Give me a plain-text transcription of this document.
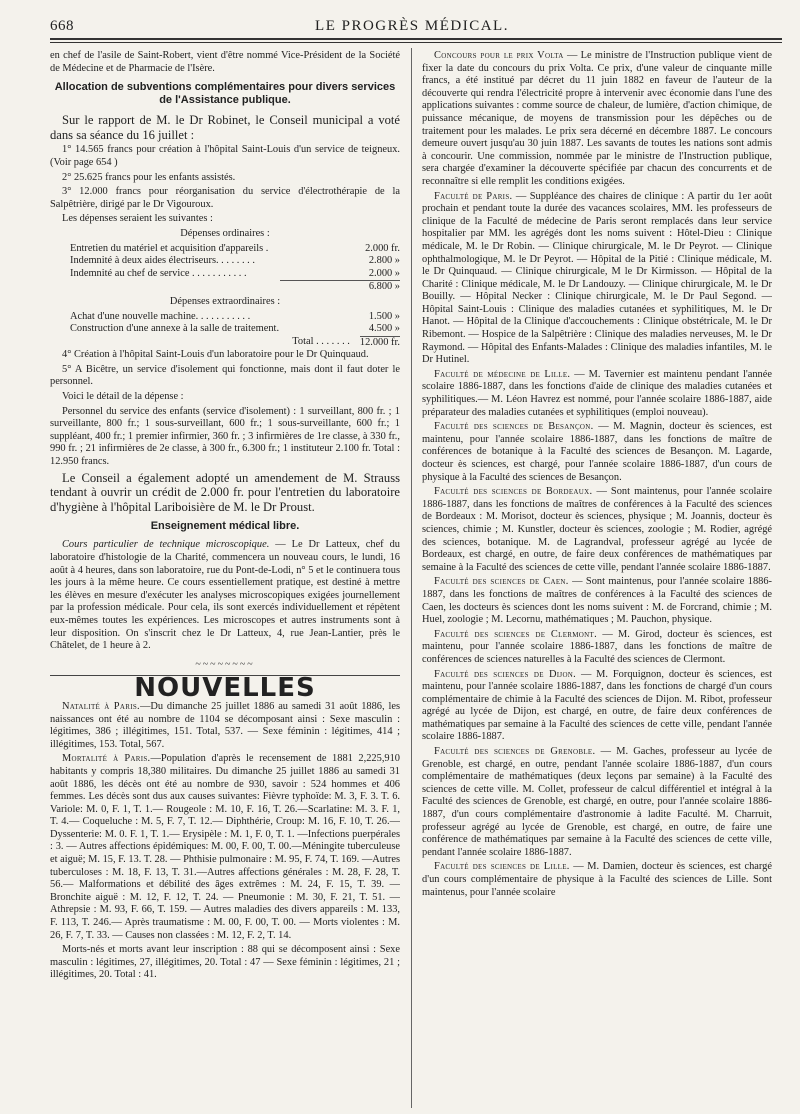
668	LE PROGRÈS MÉDICAL.

en chef de l'asile de Saint-Robert, vient d'être nommé Vice-Président de la Société de Médecine et de Pharmacie de l'Isère.

Allocation de subventions complémentaires pour divers services de l'Assistance publique.

Sur le rapport de M. le Dr Robinet, le Conseil municipal a voté dans sa séance du 16 juillet :

1° 14.565 francs pour création à l'hôpital Saint-Louis d'un service de teigneux. (Voir page 654 )

2° 25.625 francs pour les enfants assistés.

3° 12.000 francs pour réorganisation du service d'électrothérapie de la Salpêtrière, dirigé par le Dr Vigouroux.

Les dépenses seraient les suivantes :

Dépenses ordinaires :
Entretien du matériel et acquisition d'appareils .	2.000 fr.
Indemnité à deux aides électriseurs. . . . . . . .	2.800 »
Indemnité au chef de service . . . . . . . . . . .	2.000 »
6.800 »
Dépenses extraordinaires :
Achat d'une nouvelle machine. . . . . . . . . . .	1.500 »
Construction d'une annexe à la salle de traitement.	4.500 »
Total . . . . . . . 12.000 fr.

4° Création à l'hôpital Saint-Louis d'un laboratoire pour le Dr Quinquaud.

5° A Bicêtre, un service d'isolement qui fonctionne, mais dont il faut doter le personnel.

Voici le détail de la dépense :

Personnel du service des enfants (service d'isolement) : 1 surveillant, 800 fr. ; 1 surveillante, 800 fr.; 1 sous-surveillant, 600 fr.; 1 sous-surveillante, 600 fr.; 1 suppléant, 400 fr.; 1 premier infirmier, 360 fr. ; 3 infirmières de 1re classe, à 330 fr., 990 fr. ; 21 infirmières de 2e classe, à 300 fr., 6.300 fr.; 1 instituteur 2.100 fr. Total : 12.950 francs.

Le Conseil a également adopté un amendement de M. Strauss tendant à ouvrir un crédit de 2.000 fr. pour l'entretien du laboratoire d'hygiène à l'hôpital Lariboisière de M. le Dr Proust.

Enseignement médical libre.

Cours particulier de technique microscopique. — Le Dr Latteux, chef du laboratoire d'histologie de la Charité, commencera un nouveau cours, le lundi, 16 août à 4 heures, dans son laboratoire, rue du Pont-de-Lodi, n° 5 et le continuera tous les jours à la même heure. Ce cours essentiellement pratique, est destiné à mettre les élèves en mesure d'exécuter les analyses microscopiques exigées journellement par la profession médicale. Pour cela, ils sont exercés individuellement et répètent eux-mêmes toutes les expériences. Les microscopes et autres instruments sont à leur disposition. On s'inscrit chez le Dr Latteux, 4, rue Jean-Lantier, près le Châtelet, de 1 heure à 2.

~~~~~~~~
NOUVELLES

Natalité à Paris.—Du dimanche 25 juillet 1886 au samedi 31 août 1886, les naissances ont été au nombre de 1104 se décomposant ainsi : Sexe masculin : légitimes, 386 ; illégitimes, 151. Total, 537. — Sexe féminin : légitimes, 414 ; illégitimes, 153. Total, 567.

Mortalité à Paris.—Population d'après le recensement de 1881 2,225,910 habitants y compris 18,380 militaires. Du dimanche 25 juillet 1886 au samedi 31 août 1886, les décès ont été au nombre de 930, savoir : 524 hommes et 406 femmes. Les décès sont dus aux causes suivantes: Fièvre typhoïde: M. 3, F. 3. T. 6. Variole: M. 0, F. 1, T. 1.— Rougeole : M. 10, F. 16, T. 26.—Scarlatine: M. 3. F. 1, T. 4.— Coqueluche : M. 5, F. 7, T. 12.— Diphthérie, Croup: M. 16, F. 10, T. 26.— Dyssenterie: M. 0. F. 1, T. 1.— Erysipèle : M. 1, F. 0, T. 1. —Infections puerpérales : 3. — Autres affections épidémiques: M. 00, F. 00, T. 00.—Méningite tuberculeuse et aiguë; M. 15, F. 13. T. 28. — Phthisie pulmonaire : M. 95, F. 74, T. 169. —Autres tuberculoses : M. 18, F. 13, T. 31.—Autres affections générales : M. 28, F. 28, T. 56.— Malformations et débilité des âges extrêmes : M. 24, F. 15, T. 39. — Bronchite aiguë : M. 12, F. 12, T. 24. — Pneumonie : M. 30, F. 21, T. 51. — Athrepsie : M. 93, F. 66, T. 159. — Autres maladies des divers appareils : M. 133, F. 113, T. 246.— Après traumatisme : M. 00, F. 00, T. 00. — Morts violentes : M. 26, F. 7, T. 33. — Causes non classées : M. 12, F. 2, T. 14.

Morts-nés et morts avant leur inscription : 88 qui se décomposent ainsi : Sexe masculin : légitimes, 27, illégitimes, 20. Total : 47 — Sexe féminin : légitimes, 21 ; illégitimes, 20. Total : 41.

Concours pour le prix Volta — Le ministre de l'Instruction publique vient de fixer la date du concours du prix Volta. Ce prix, d'une valeur de cinquante mille francs, a été institué par décret du 11 juin 1882 en faveur de l'auteur de la découverte qui rendra l'électricité propre à intervenir avec économie dans l'une des applications suivantes : comme source de chaleur, de lumière, d'action chimique, de puissance mécanique, de moyens de transmission pour les dépêches ou de traitement pour les malades. Le prix sera décerné en décembre 1887. Le concours demeure ouvert jusqu'au 30 juin 1887. Les savants de toutes les nations sont admis à concourir. Une commission, nommée par le ministre de l'Instruction publique, sera chargée d'examiner la découverte spécifiée par chacun des concurrents et de reconnaître si elle remplit les conditions exigées.

Faculté de Paris. — Suppléance des chaires de clinique : A partir du 1er août prochain et pendant toute la durée des vacances scolaires, MM. les professeurs de clinique de la Faculté de médecine de Paris seront remplacés dans leur service hospitalier par MM. les agrégés dont les noms suivent : Hôtel-Dieu : Clinique médicale, M. le Dr Robin. — Clinique chirurgicale, M. le Dr Peyrot. — Clinique ophthalmologique, M. le Dr Peyrot. — Hôpital de la Pitié : Clinique médicale, M. le Dr Quinquaud. — Clinique chirurgicale, M le Dr Kirmisson. — Hôpital de la Charité : Clinique médicale, M. le Dr Landouzy. — Clinique chirurgicale, M. le Dr Bouilly. — Hôpital Necker : Clinique chirurgicale, M. le Dr Paul Segond. — Hôpital Saint-Louis : Clinique des maladies cutanées et syphilitiques, M. le Dr Hanot. — Hôpital de la Clinique d'accouchements : Clinique obstétricale, M. le Dr Ribemont. — Hospice de la Salpêtrière : Clinique des maladies nerveuses, M. le Dr Raymond. — Hôpital des Enfants-Malades : Clinique des maladies infantiles, M. le Dr Hutinel.

Faculté de médecine de Lille. — M. Tavernier est maintenu pendant l'année scolaire 1886-1887, dans les fonctions d'aide de clinique des maladies cutanées et syphilitiques.— M. Léon Havrez est nommé, pour l'année scolaire 1886-1887, aide préparateur des maladies cutanées et syphilitiques (emploi nouveau).

Faculté des sciences de Besançon. — M. Magnin, docteur ès sciences, est maintenu, pour l'année scolaire 1886-1887, dans les fonctions de maître de conférences de botanique à la Faculté des sciences de Besançon. M. Lagarde, docteur ès sciences, est chargé, pour l'année scolaire 1886-1887, d'un cours de physique à la Faculté des sciences de Besançon.

Faculté des sciences de Bordeaux. — Sont maintenus, pour l'année scolaire 1886-1887, dans les fonctions de maîtres de conférences à la Faculté des sciences de Bordeaux : M. Morisot, docteur ès sciences, physique ; M. Joannis, docteur ès sciences, chimie ; M. Kunstler, docteur ès sciences, zoologie ; M. Rodier, agrégé des sciences, botanique. M. de Lagrandval, professeur agrégé au lycée de Bordeaux, est chargé, en outre, de faire deux conférences de mathématiques par semaine à la Faculté des sciences de cette ville, pendant l'année scolaire 1886-1887.

Faculté des sciences de Caen. — Sont maintenus, pour l'année scolaire 1886-1887, dans les fonctions de maîtres de conférences à la Faculté des sciences de Caen, les docteurs ès sciences dont les noms suivent : M. de Forcrand, chimie ; M. Huel, zoologie ; M. Lecornu, mathématiques ; M. Pauchon, physique.

Faculté des sciences de Clermont. — M. Girod, docteur ès sciences, est maintenu, pour l'année scolaire 1886-1887, dans les fonctions de maître de conférences de sciences naturelles à la Faculté des sciences de Clermont.

Faculté des sciences de Dijon. — M. Forquignon, docteur ès sciences, est maintenu, pour l'année scolaire 1886-1887, dans les fonctions de chargé d'un cours complémentaire de chimie à la Faculté des sciences de Dijon. M. Ribot, professeur agrégé au lycée de Dijon, est chargé, en outre, de faire deux conférences de mathématiques par semaine à la Faculté des sciences de cette ville, pendant l'année scolaire 1886-1887.

Faculté des sciences de Grenoble. — M. Gaches, professeur au lycée de Grenoble, est chargé, en outre, pendant l'année scolaire 1886-1887, d'un cours complémentaire de mathématiques (deux leçons par semaine) à la Faculté des sciences de cette ville. M. Collet, professeur de calcul différentiel et intégral à la Faculté des sciences de Grenoble, est chargé, en outre, pour l'année scolaire 1886-1887, d'un cours complémentaire d'astronomie à ladite Faculté. M. Charruit, professeur agrégé au lycée de Grenoble, est chargé, en outre, de faire une conférence de mathématiques par semaine à la Faculté des sciences de cette ville, pendant l'année scolaire 1886-1887.

Faculté des sciences de Lille. — M. Damien, docteur ès sciences, est chargé d'un cours complémentaire de physique à la Faculté des sciences de Lille. Sont maintenus, pour l'année scolaire
